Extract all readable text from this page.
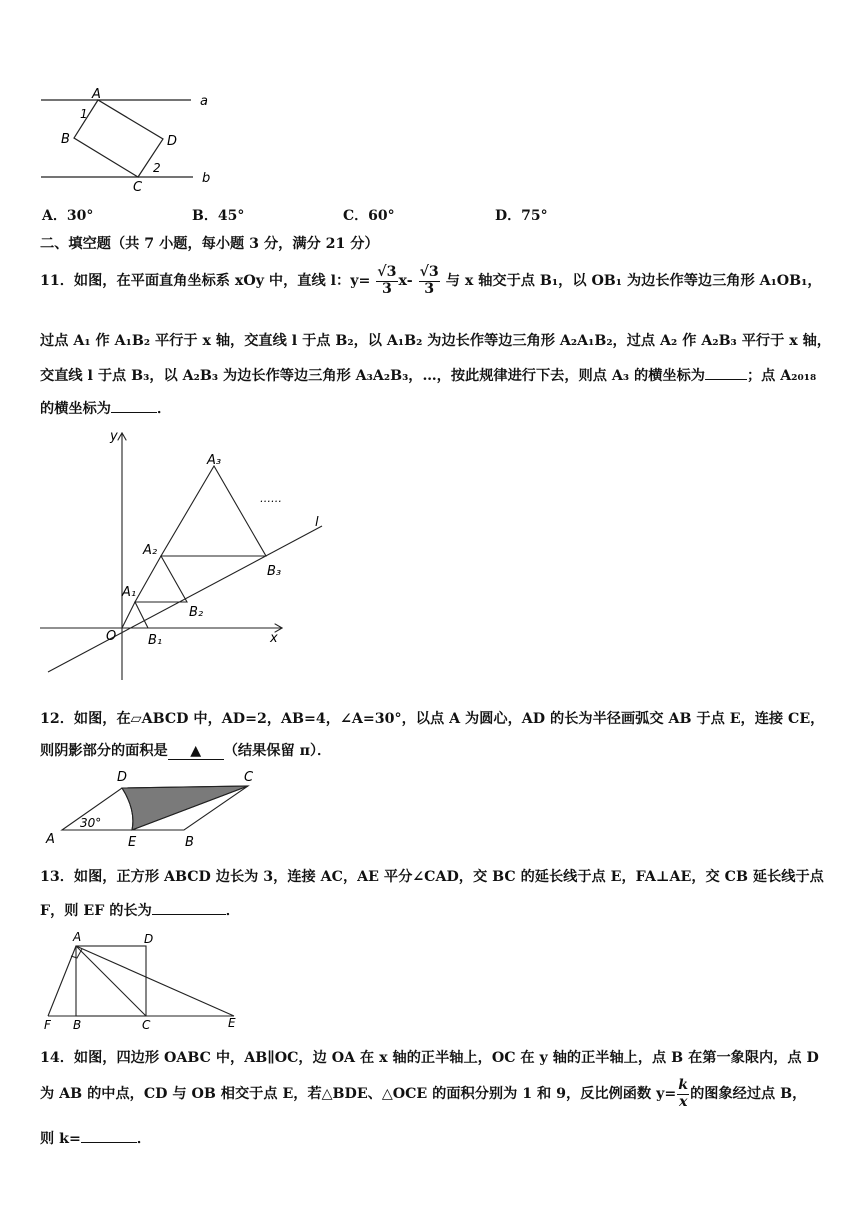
a
b
A
B
C
D
1
2
A．30°	B．45°	C．60°	D．75°
二、填空题（共 7 小题，每小题 3 分，满分 21 分）
11．如图，在平面直角坐标系 xOy 中，直线 l：$y= \frac{√3}{3} x- \frac{√3}{3}$ 与 x 轴交于点 B₁，以 OB₁ 为边长作等边三角形 A₁OB₁，
过点 A₁ 作 A₁B₂ 平行于 x 轴，交直线 l 于点 B₂，以 A₁B₂ 为边长作等边三角形 A₂A₁B₂，过点 A₂ 作 A₂B₃ 平行于 x 轴，
交直线 l 于点 B₃，以 A₂B₃ 为边长作等边三角形 A₃A₂B₃，…，按此规律进行下去，则点 A₃ 的横坐标为	；点 A₂₀₁₈
的横坐标为	．
y
x
O
l
A₁
A₂
A₃
B₁
B₂
B₃
……
12．如图，在▱ABCD 中，AD=2，AB=4，∠A=30°，以点 A 为圆心，AD 的长为半径画弧交 AB 于点 E，连接 CE，
则阴影部分的面积是 ▲ （结果保留 π）．
A	B
C
D
E
30°
13．如图，正方形 ABCD 边长为 3，连接 AC，AE 平分∠CAD，交 BC 的延长线于点 E，FA⊥AE，交 CB 延长线于点
F，则 EF 的长为	．
A	D
F B	C	E
14．如图，四边形 OABC 中，AB∥OC，边 OA 在 x 轴的正半轴上，OC 在 y 轴的正半轴上，点 B 在第一象限内，点 D
为 AB 的中点，CD 与 OB 相交于点 E，若△BDE、△OCE 的面积分别为 1 和 9，反比例函数 $y= \frac{k}{x}$ 的图象经过点 B，
则 k=	．
